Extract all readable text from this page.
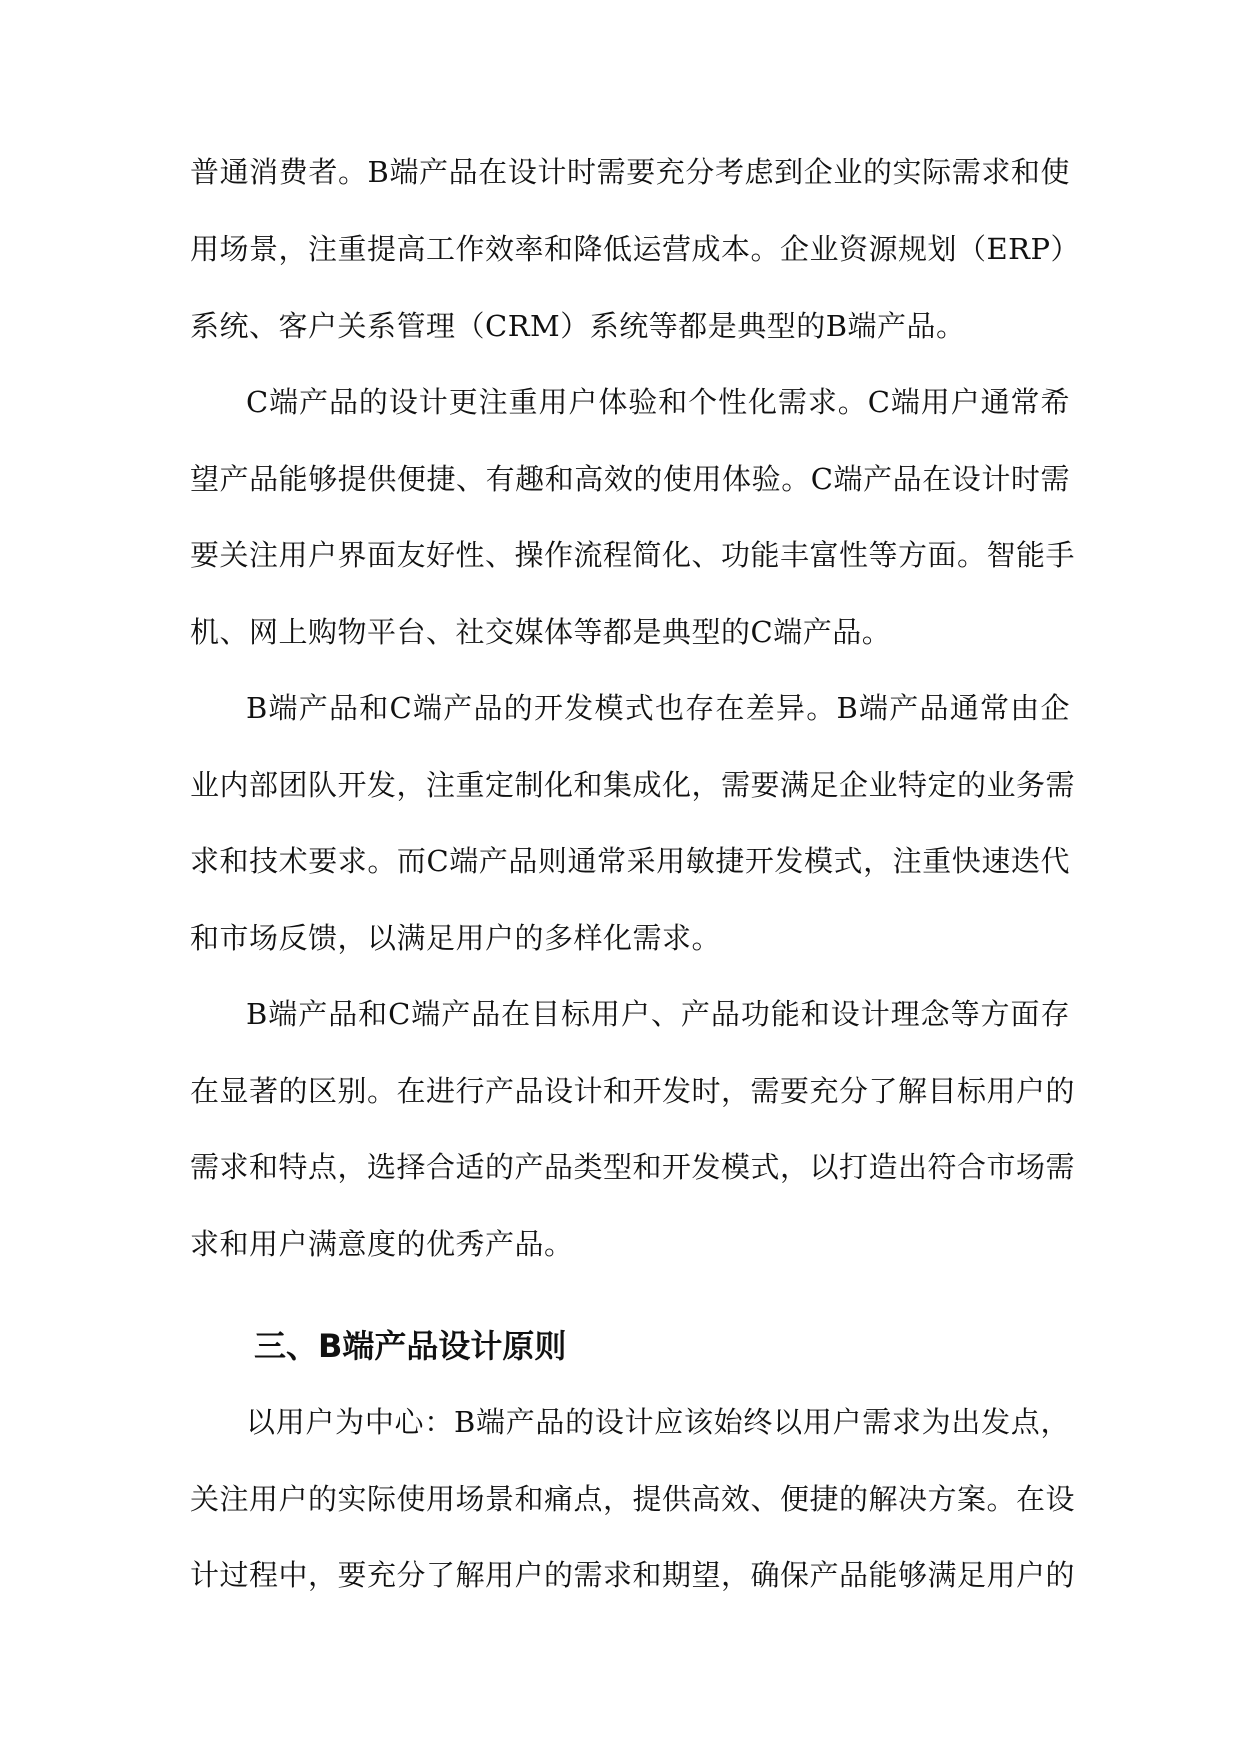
普通消费者。B端产品在设计时需要充分考虑到企业的实际需求和使
用场景，注重提高工作效率和降低运营成本。企业资源规划（ERP）
系统、客户关系管理（CRM）系统等都是典型的B端产品。
C端产品的设计更注重用户体验和个性化需求。C端用户通常希
望产品能够提供便捷、有趣和高效的使用体验。C端产品在设计时需
要关注用户界面友好性、操作流程简化、功能丰富性等方面。智能手
机、网上购物平台、社交媒体等都是典型的C端产品。
B端产品和C端产品的开发模式也存在差异。B端产品通常由企
业内部团队开发，注重定制化和集成化，需要满足企业特定的业务需
求和技术要求。而C端产品则通常采用敏捷开发模式，注重快速迭代
和市场反馈，以满足用户的多样化需求。
B端产品和C端产品在目标用户、产品功能和设计理念等方面存
在显著的区别。在进行产品设计和开发时，需要充分了解目标用户的
需求和特点，选择合适的产品类型和开发模式，以打造出符合市场需
求和用户满意度的优秀产品。
三、B端产品设计原则
以用户为中心：B端产品的设计应该始终以用户需求为出发点，
关注用户的实际使用场景和痛点，提供高效、便捷的解决方案。在设
计过程中，要充分了解用户的需求和期望，确保产品能够满足用户的
